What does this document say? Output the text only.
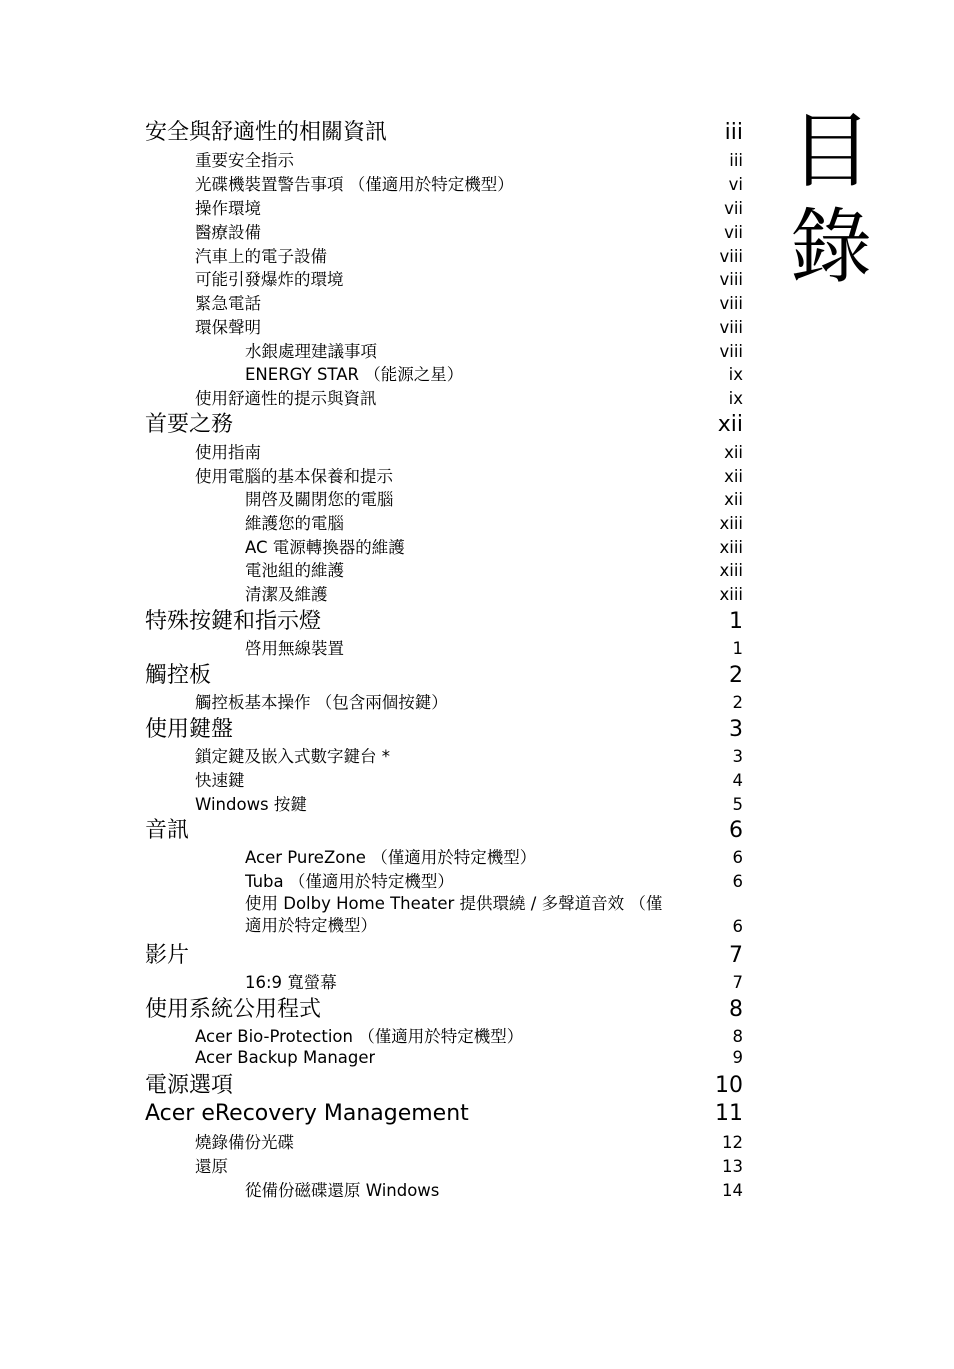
目
錄
安全與舒適性的相關資訊	iii
重要安全指示	iii
光碟機裝置警告事項 （僅適用於特定機型）	vi
操作環境	vii
醫療設備	vii
汽車上的電子設備	viii
可能引發爆炸的環境	viii
緊急電話	viii
環保聲明	viii
水銀處理建議事項	viii
ENERGY STAR （能源之星）	ix
使用舒適性的提示與資訊	ix
首要之務	xii
使用指南	xii
使用電腦的基本保養和提示	xii
開啓及關閉您的電腦	xii
維護您的電腦	xiii
AC 電源轉換器的維護	xiii
電池組的維護	xiii
清潔及維護	xiii
特殊按鍵和指示燈	1
啓用無線裝置	1
觸控板	2
觸控板基本操作 （包含兩個按鍵）	2
使用鍵盤	3
鎖定鍵及嵌入式數字鍵台 *	3
快速鍵	4
Windows 按鍵	5
音訊	6
Acer PureZone （僅適用於特定機型）	6
Tuba （僅適用於特定機型）	6
使用 Dolby Home Theater 提供環繞 / 多聲道音效 （僅適用於特定機型）	6
影片	7
16:9 寬螢幕	7
使用系統公用程式	8
Acer Bio-Protection （僅適用於特定機型）	8
Acer Backup Manager	9
電源選項	10
Acer eRecovery Management	11
燒錄備份光碟	12
還原	13
從備份磁碟還原 Windows	14
